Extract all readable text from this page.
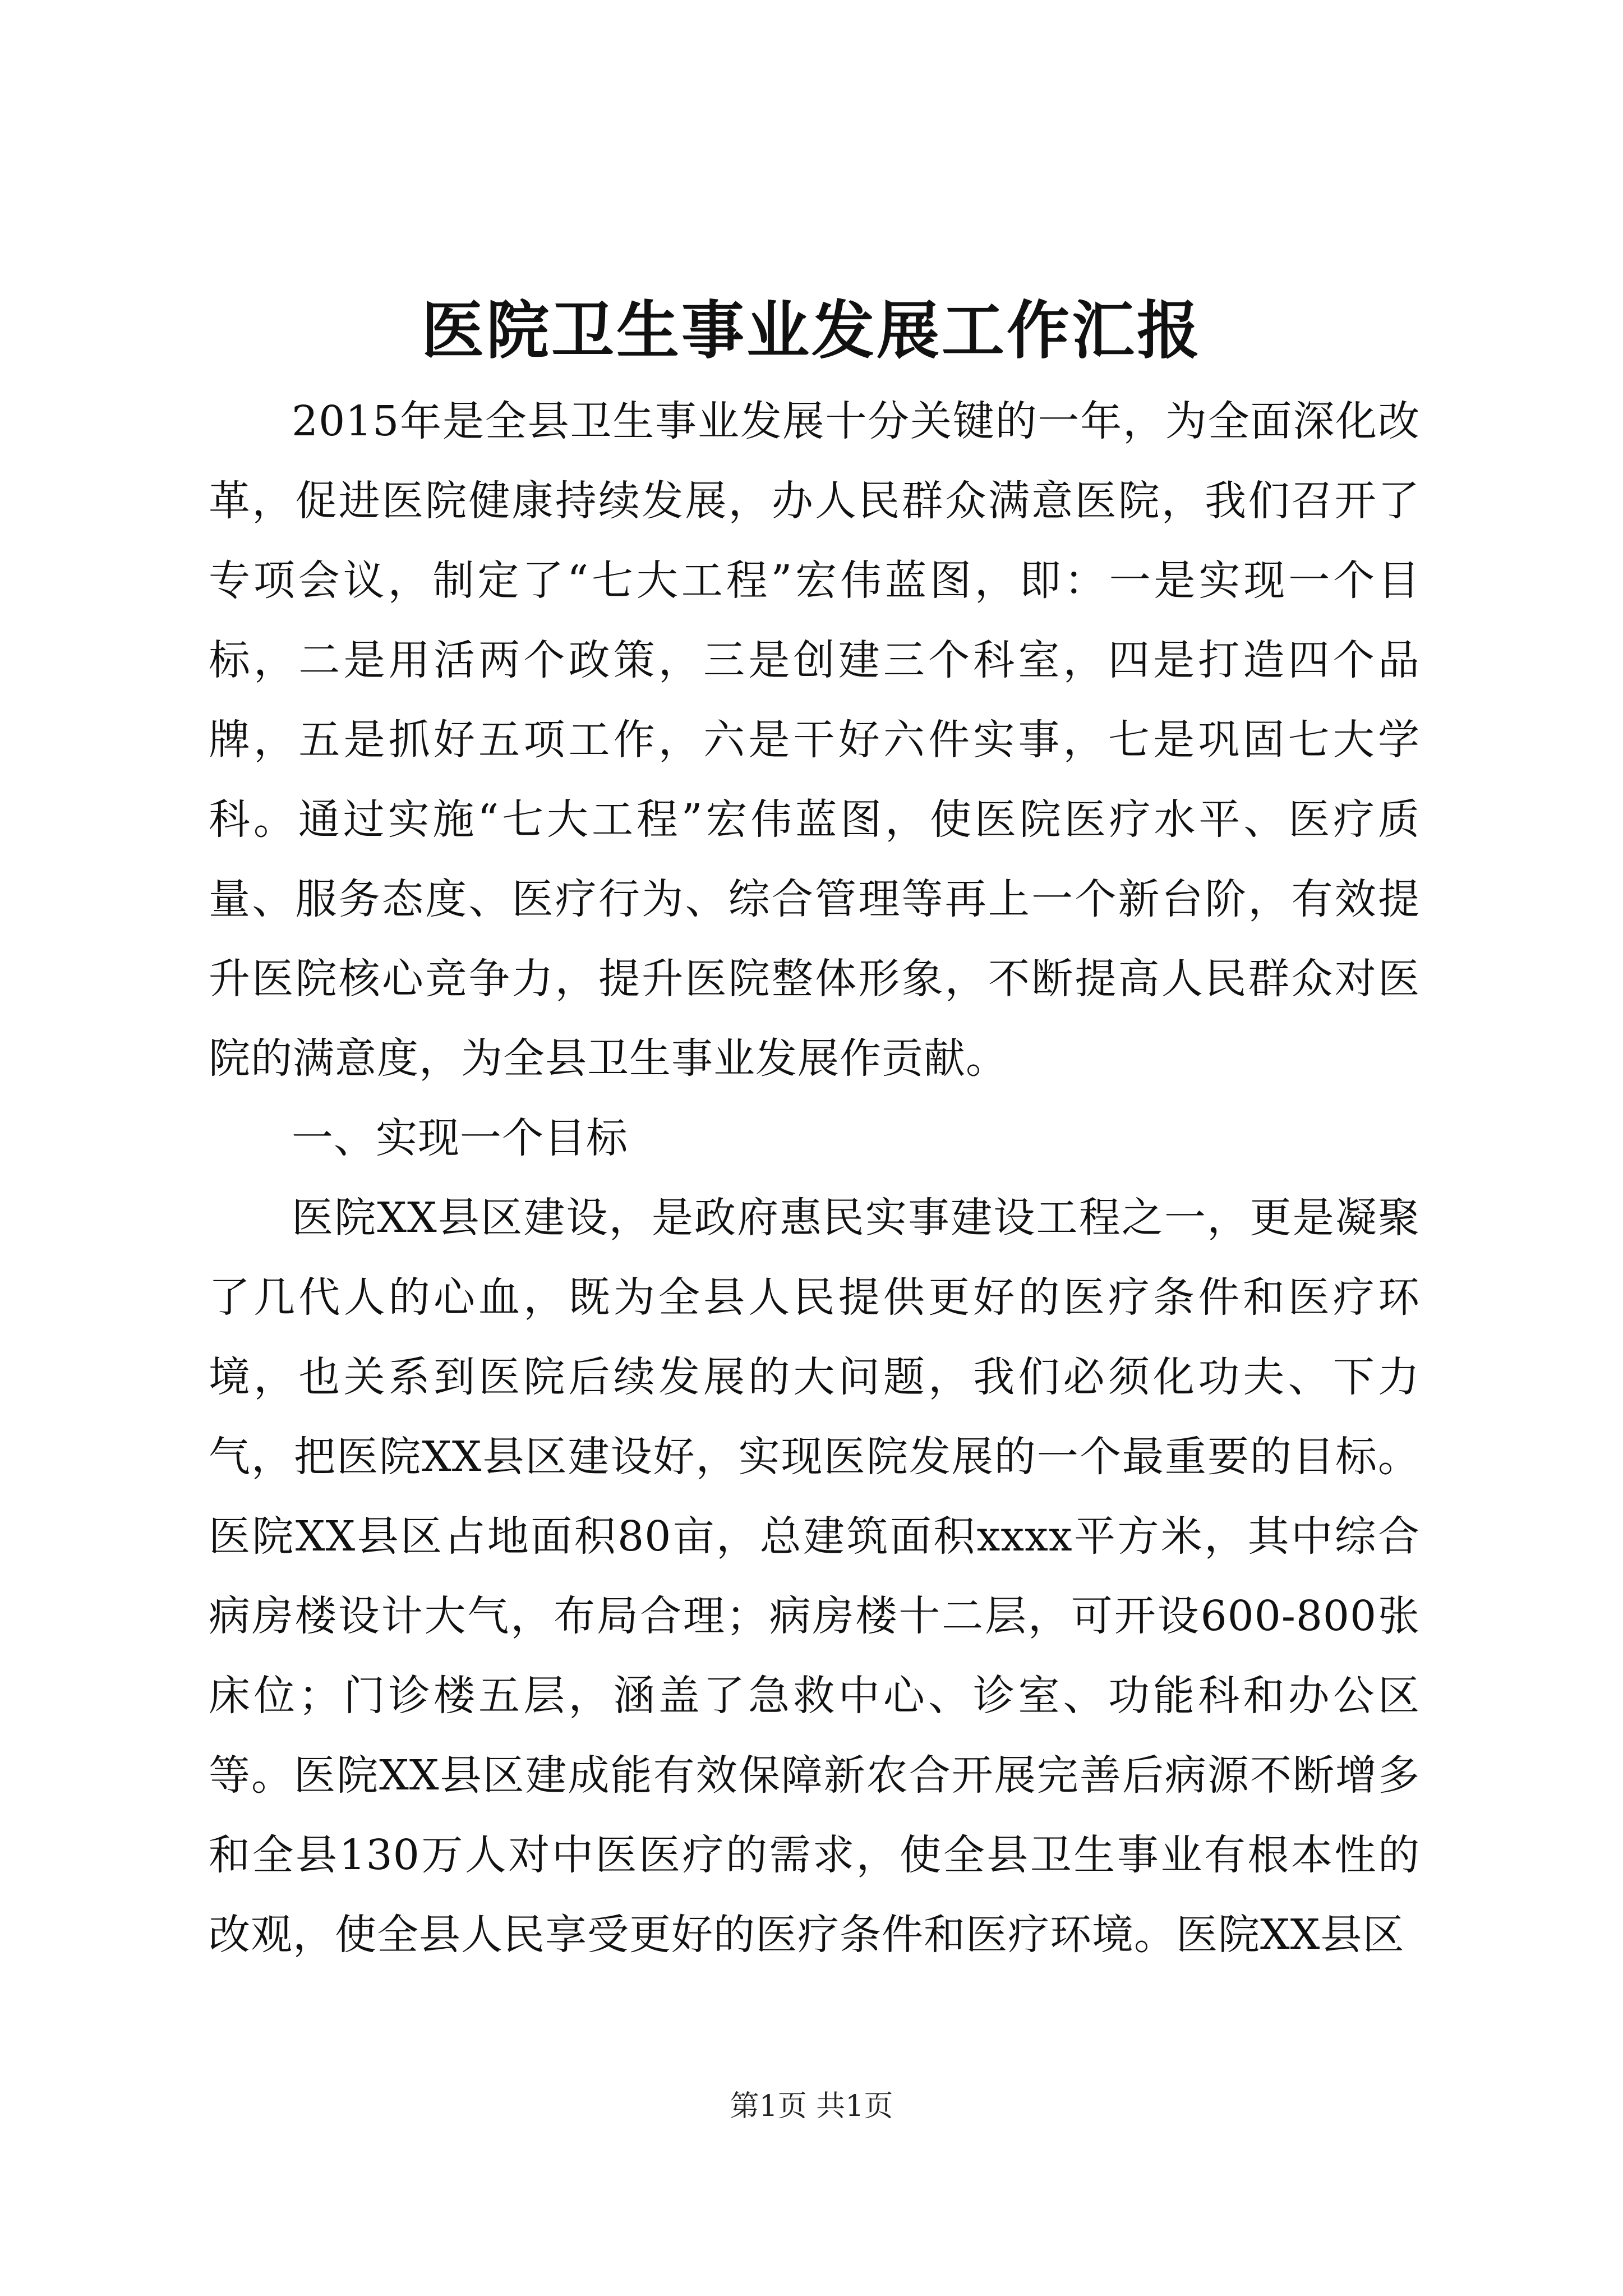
医院卫生事业发展工作汇报

2015年是全县卫生事业发展十分关键的一年，为全面深化改革，促进医院健康持续发展，办人民群众满意医院，我们召开了专项会议，制定了“七大工程”宏伟蓝图，即：一是实现一个目标，二是用活两个政策，三是创建三个科室，四是打造四个品牌，五是抓好五项工作，六是干好六件实事，七是巩固七大学科。通过实施“七大工程”宏伟蓝图，使医院医疗水平、医疗质量、服务态度、医疗行为、综合管理等再上一个新台阶，有效提升医院核心竞争力，提升医院整体形象，不断提高人民群众对医院的满意度，为全县卫生事业发展作贡献。

一、实现一个目标

医院XX县区建设，是政府惠民实事建设工程之一，更是凝聚了几代人的心血，既为全县人民提供更好的医疗条件和医疗环境，也关系到医院后续发展的大问题，我们必须化功夫、下力气，把医院XX县区建设好，实现医院发展的一个最重要的目标。医院XX县区占地面积80亩，总建筑面积xxxx平方米，其中综合病房楼设计大气，布局合理；病房楼十二层，可开设600-800张床位；门诊楼五层，涵盖了急救中心、诊室、功能科和办公区等。医院XX县区建成能有效保障新农合开展完善后病源不断增多和全县130万人对中医医疗的需求，使全县卫生事业有根本性的改观，使全县人民享受更好的医疗条件和医疗环境。医院XX县区

第1页 共1页
